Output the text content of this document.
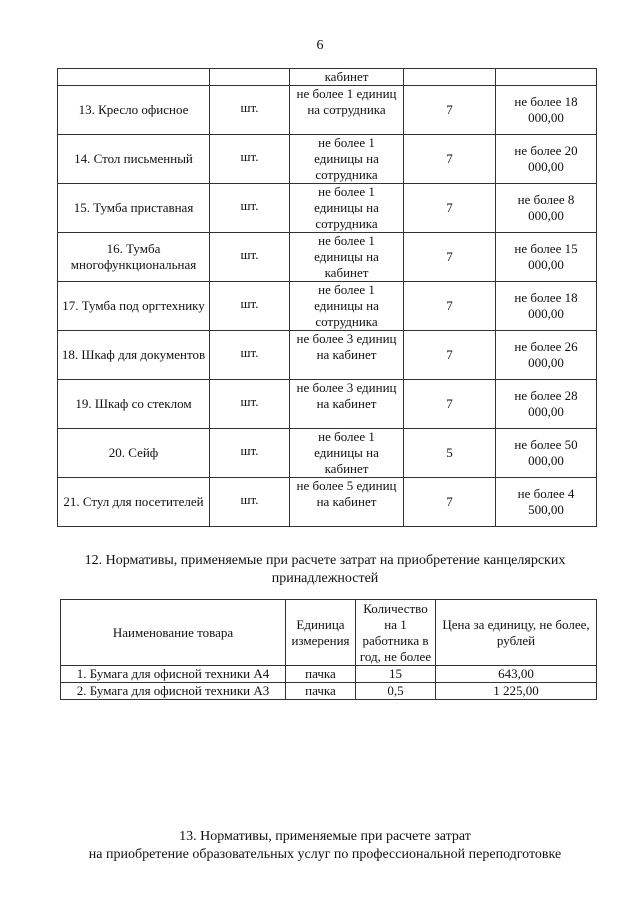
6
		кабинет		
13. Кресло офисное	шт.	не более 1 единиц на сотрудника	7	не более 18 000,00
14. Стол письменный	шт.	не более 1 единицы на сотрудника	7	не более 20 000,00
15. Тумба приставная	шт.	не более 1 единицы на сотрудника	7	не более 8 000,00
16. Тумба многофункциональная	шт.	не более 1 единицы на кабинет	7	не более 15 000,00
17. Тумба под оргтехнику	шт.	не более 1 единицы на сотрудника	7	не более 18 000,00
18. Шкаф для документов	шт.	не более 3 единиц на кабинет	7	не более 26 000,00
19. Шкаф со стеклом	шт.	не более 3 единиц на кабинет	7	не более 28 000,00
20. Сейф	шт.	не более 1 единицы на кабинет	5	не более 50 000,00
21. Стул для посетителей	шт.	не более 5 единиц на кабинет	7	не более 4 500,00
12. Нормативы, применяемые при расчете затрат на приобретение канцелярских принадлежностей
Наименование товара	Единица измерения	Количество на 1 работника в год, не более	Цена за единицу, не более, рублей
1. Бумага для офисной техники А4	пачка	15	643,00
2. Бумага для офисной техники А3	пачка	0,5	1 225,00
13. Нормативы, применяемые при расчете затрат
на приобретение образовательных услуг по профессиональной переподготовке
